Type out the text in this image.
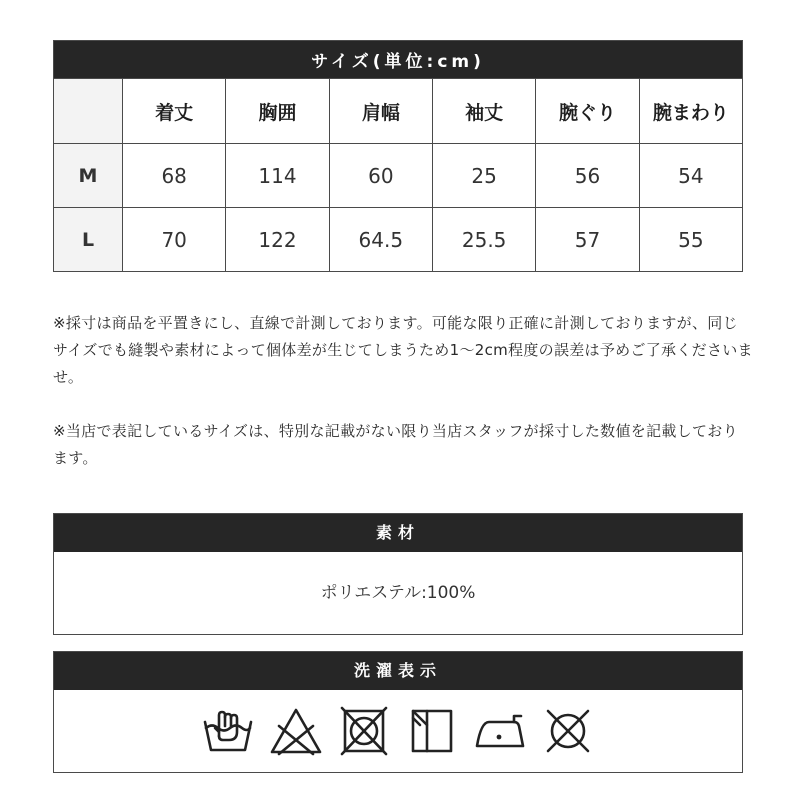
サイズ(単位:cm)						
	着丈	胸囲	肩幅	袖丈	腕ぐり	腕まわり
M	68	114	60	25	56	54
L	70	122	64.5	25.5	57	55

※採寸は商品を平置きにし、直線で計測しております。可能な限り正確に計測しておりますが、同じサイズでも縫製や素材によって個体差が生じてしまうため1〜2cm程度の誤差は予めご了承くださいませ。

※当店で表記しているサイズは、特別な記載がない限り当店スタッフが採寸した数値を記載しております。

素材
ポリエステル:100%
洗濯表示
